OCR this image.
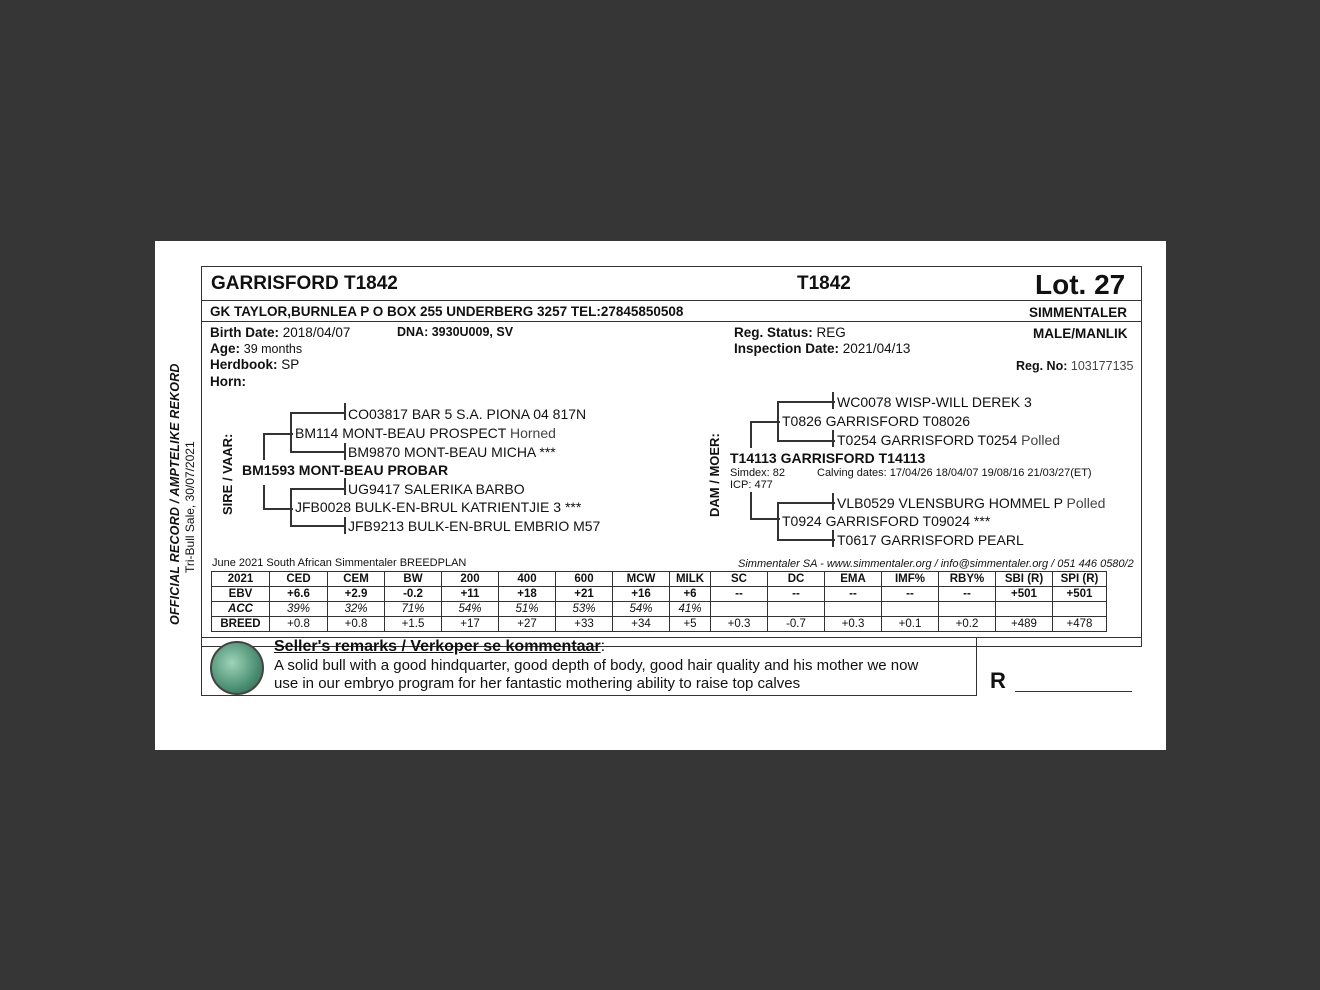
OFFICIAL RECORD / AMPTELIKE REKORD Tri-Bull Sale, 30/07/2021
GARRISFORD T1842	T1842	Lot. 27
GK TAYLOR,BURNLEA P O BOX 255 UNDERBERG 3257 TEL:27845850508	SIMMENTALER
Birth Date: 2018/04/07	DNA: 3930U009, SV
Age: 39 months
Herdbook: SP
Horn:
Reg. Status: REG
Inspection Date: 2021/04/13
MALE/MANLIK
Reg. No: 103177135
SIRE / VAAR:
CO03817 BAR 5 S.A. PIONA 04 817N
BM114 MONT-BEAU PROSPECT Horned
BM9870 MONT-BEAU MICHA ***
BM1593 MONT-BEAU PROBAR
UG9417 SALERIKA BARBO
JFB0028 BULK-EN-BRUL KATRIENTJIE 3 ***
JFB9213 BULK-EN-BRUL EMBRIO M57
DAM / MOER:
WC0078 WISP-WILL DEREK 3
T0826 GARRISFORD T08026
T0254 GARRISFORD T0254 Polled
T14113 GARRISFORD T14113
Simdex: 82
ICP: 477
Calving dates: 17/04/26 18/04/07 19/08/16 21/03/27(ET)
VLB0529 VLENSBURG HOMMEL P Polled
T0924 GARRISFORD T09024 ***
T0617 GARRISFORD PEARL
June 2021 South African Simmentaler BREEDPLAN	Simmentaler SA - www.simmentaler.org / info@simmentaler.org / 051 446 0580/2
2021	CED	CEM	BW	200	400	600	MCW	MILK	SC	DC	EMA	IMF%	RBY%	SBI (R)	SPI (R)
EBV	+6.6	+2.9	-0.2	+11	+18	+21	+16	+6	--	--	--	--	--	+501	+501
ACC	39%	32%	71%	54%	51%	53%	54%	41%							
BREED	+0.8	+0.8	+1.5	+17	+27	+33	+34	+5	+0.3	-0.7	+0.3	+0.1	+0.2	+489	+478
Seller's remarks / Verkoper se kommentaar:
A solid bull with a good hindquarter, good depth of body, good hair quality and his mother we now
use in our embryo program for her fantastic mothering ability to raise top calves	R
